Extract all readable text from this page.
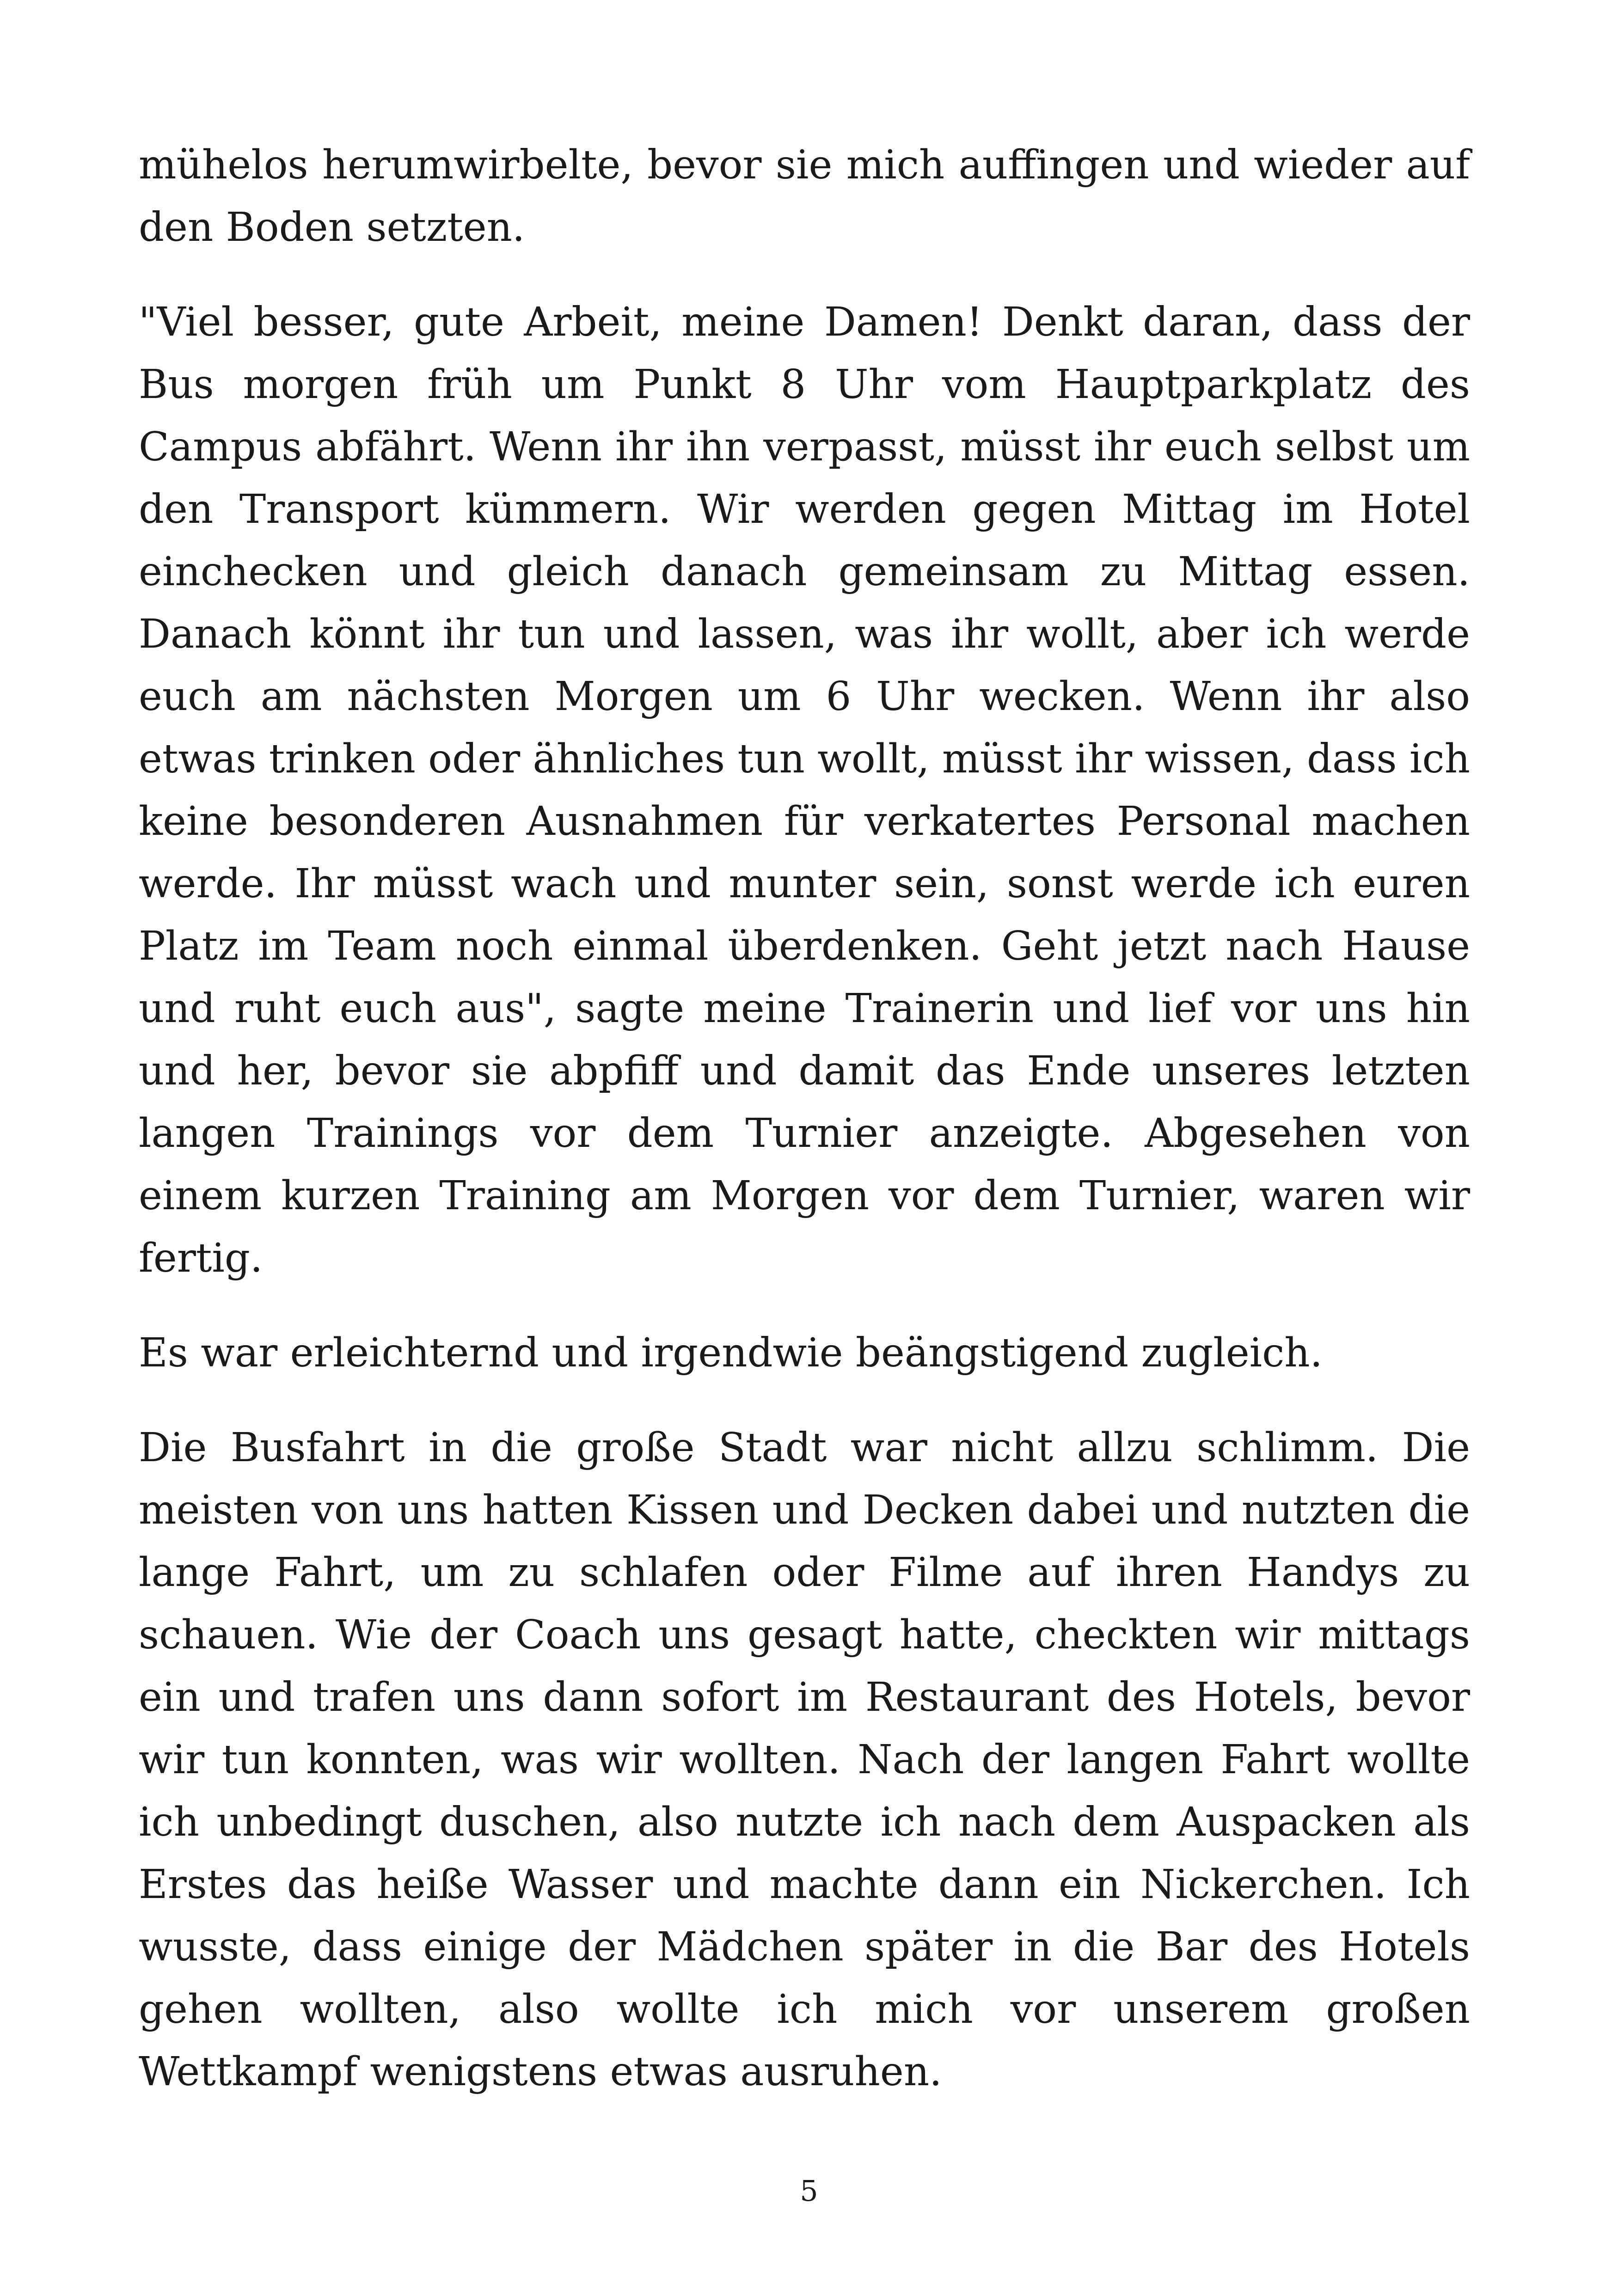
mühelos herumwirbelte, bevor sie mich auffingen und wieder auf den Boden setzten.

"Viel besser, gute Arbeit, meine Damen! Denkt daran, dass der Bus morgen früh um Punkt 8 Uhr vom Hauptparkplatz des Campus abfährt. Wenn ihr ihn verpasst, müsst ihr euch selbst um den Transport kümmern. Wir werden gegen Mittag im Hotel einchecken und gleich danach gemeinsam zu Mittag essen. Danach könnt ihr tun und lassen, was ihr wollt, aber ich werde euch am nächsten Morgen um 6 Uhr wecken. Wenn ihr also etwas trinken oder ähnliches tun wollt, müsst ihr wissen, dass ich keine besonderen Ausnahmen für verkatertes Personal machen werde. Ihr müsst wach und munter sein, sonst werde ich euren Platz im Team noch einmal überdenken. Geht jetzt nach Hause und ruht euch aus", sagte meine Trainerin und lief vor uns hin und her, bevor sie abpfiff und damit das Ende unseres letzten langen Trainings vor dem Turnier anzeigte. Abgesehen von einem kurzen Training am Morgen vor dem Turnier, waren wir fertig.

Es war erleichternd und irgendwie beängstigend zugleich.

Die Busfahrt in die große Stadt war nicht allzu schlimm. Die meisten von uns hatten Kissen und Decken dabei und nutzten die lange Fahrt, um zu schlafen oder Filme auf ihren Handys zu schauen. Wie der Coach uns gesagt hatte, checkten wir mittags ein und trafen uns dann sofort im Restaurant des Hotels, bevor wir tun konnten, was wir wollten. Nach der langen Fahrt wollte ich unbedingt duschen, also nutzte ich nach dem Auspacken als Erstes das heiße Wasser und machte dann ein Nickerchen. Ich wusste, dass einige der Mädchen später in die Bar des Hotels gehen wollten, also wollte ich mich vor unserem großen Wettkampf wenigstens etwas ausruhen.

5
